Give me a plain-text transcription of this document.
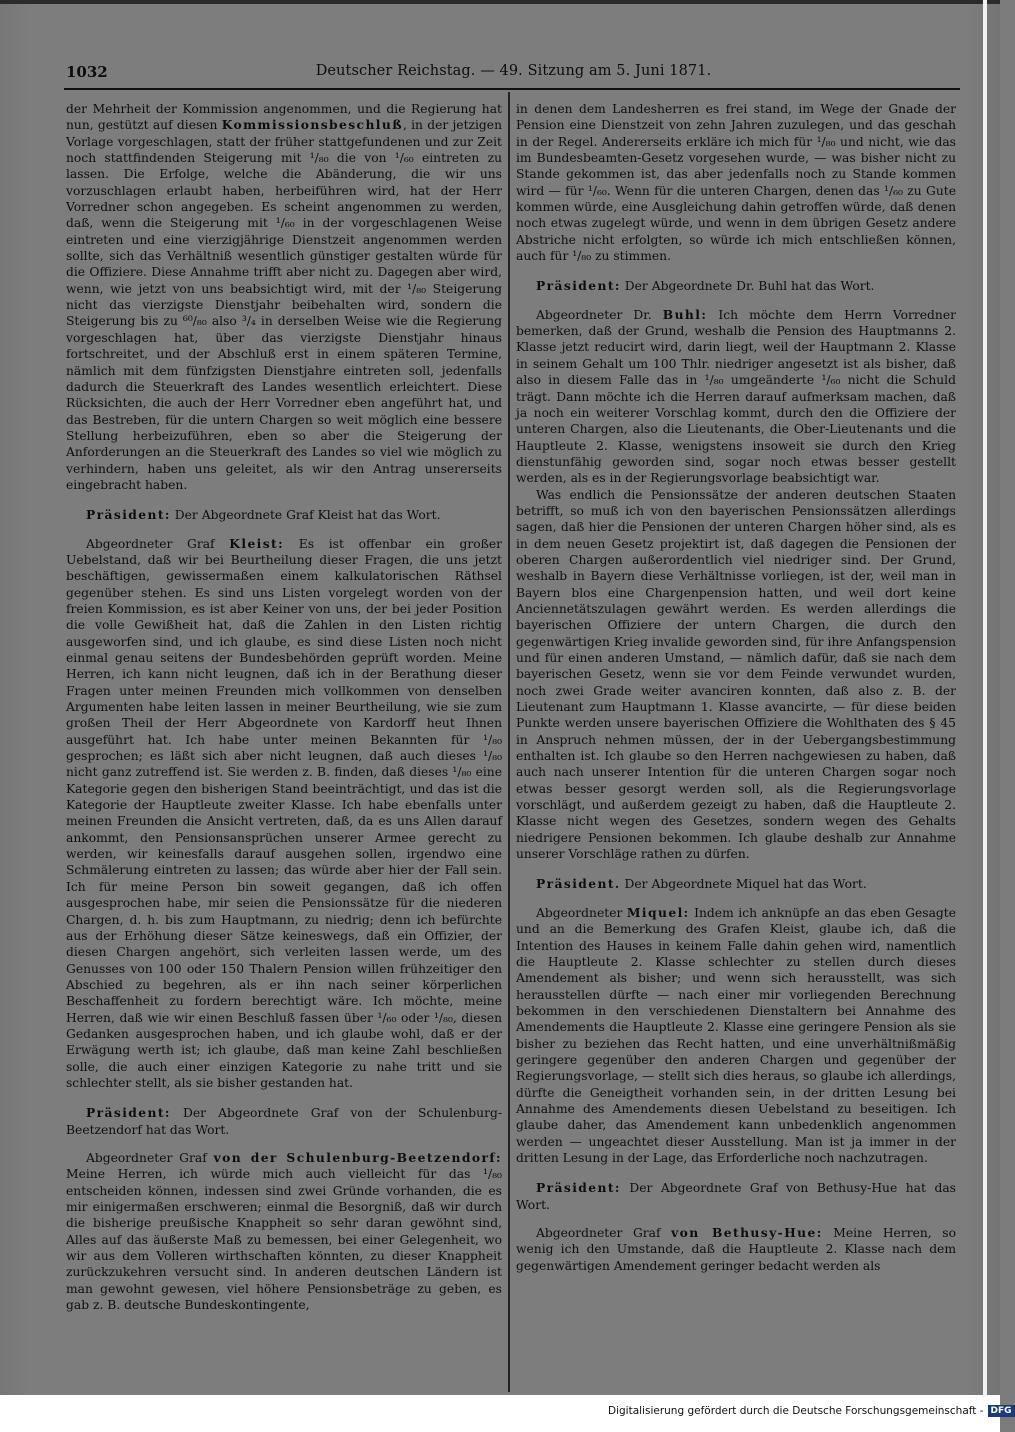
1032	Deutscher Reichstag. — 49. Sitzung am 5. Juni 1871.

der Mehrheit der Kommission angenommen, und die Regierung hat nun, gestützt auf diesen Kommissionsbeschluß, in der jetzigen Vorlage vorgeschlagen, statt der früher stattgefundenen und zur Zeit noch stattfindenden Steigerung mit ¹/₈₀ die von ¹/₆₀ eintreten zu lassen. Die Erfolge, welche die Abänderung, die wir uns vorzuschlagen erlaubt haben, herbeiführen wird, hat der Herr Vorredner schon angegeben. Es scheint angenommen zu werden, daß, wenn die Steigerung mit ¹/₆₀ in der vorgeschlagenen Weise eintreten und eine vierzigjährige Dienstzeit angenommen werden sollte, sich das Verhältniß wesentlich günstiger gestalten würde für die Offiziere. Diese Annahme trifft aber nicht zu. Dagegen aber wird, wenn, wie jetzt von uns beabsichtigt wird, mit der ¹/₈₀ Steigerung nicht das vierzigste Dienstjahr beibehalten wird, sondern die Steigerung bis zu ⁶⁰/₈₀ also ³/₄ in derselben Weise wie die Regierung vorgeschlagen hat, über das vierzigste Dienstjahr hinaus fortschreitet, und der Abschluß erst in einem späteren Termine, nämlich mit dem fünfzigsten Dienstjahre eintreten soll, jedenfalls dadurch die Steuerkraft des Landes wesentlich erleichtert. Diese Rücksichten, die auch der Herr Vorredner eben angeführt hat, und das Bestreben, für die untern Chargen so weit möglich eine bessere Stellung herbeizuführen, eben so aber die Steigerung der Anforderungen an die Steuerkraft des Landes so viel wie möglich zu verhindern, haben uns geleitet, als wir den Antrag unsererseits eingebracht haben.

Präsident: Der Abgeordnete Graf Kleist hat das Wort.

Abgeordneter Graf Kleist: Es ist offenbar ein großer Uebelstand, daß wir bei Beurtheilung dieser Fragen, die uns jetzt beschäftigen, gewissermaßen einem kalkulatorischen Räthsel gegenüber stehen. Es sind uns Listen vorgelegt worden von der freien Kommission, es ist aber Keiner von uns, der bei jeder Position die volle Gewißheit hat, daß die Zahlen in den Listen richtig ausgeworfen sind, und ich glaube, es sind diese Listen noch nicht einmal genau seitens der Bundesbehörden geprüft worden. Meine Herren, ich kann nicht leugnen, daß ich in der Berathung dieser Fragen unter meinen Freunden mich vollkommen von denselben Argumenten habe leiten lassen in meiner Beurtheilung, wie sie zum großen Theil der Herr Abgeordnete von Kardorff heut Ihnen ausgeführt hat. Ich habe unter meinen Bekannten für ¹/₈₀ gesprochen; es läßt sich aber nicht leugnen, daß auch dieses ¹/₈₀ nicht ganz zutreffend ist. Sie werden z. B. finden, daß dieses ¹/₈₀ eine Kategorie gegen den bisherigen Stand beeinträchtigt, und das ist die Kategorie der Hauptleute zweiter Klasse. Ich habe ebenfalls unter meinen Freunden die Ansicht vertreten, daß, da es uns Allen darauf ankommt, den Pensionsansprüchen unserer Armee gerecht zu werden, wir keinesfalls darauf ausgehen sollen, irgendwo eine Schmälerung eintreten zu lassen; das würde aber hier der Fall sein. Ich für meine Person bin soweit gegangen, daß ich offen ausgesprochen habe, mir seien die Pensionssätze für die niederen Chargen, d. h. bis zum Hauptmann, zu niedrig; denn ich befürchte aus der Erhöhung dieser Sätze keineswegs, daß ein Offizier, der diesen Chargen angehört, sich verleiten lassen werde, um des Genusses von 100 oder 150 Thalern Pension willen frühzeitiger den Abschied zu begehren, als er ihn nach seiner körperlichen Beschaffenheit zu fordern berechtigt wäre. Ich möchte, meine Herren, daß wie wir einen Beschluß fassen über ¹/₆₀ oder ¹/₈₀, diesen Gedanken ausgesprochen haben, und ich glaube wohl, daß er der Erwägung werth ist; ich glaube, daß man keine Zahl beschließen solle, die auch einer einzigen Kategorie zu nahe tritt und sie schlechter stellt, als sie bisher gestanden hat.

Präsident: Der Abgeordnete Graf von der Schulenburg-Beetzendorf hat das Wort.

Abgeordneter Graf von der Schulenburg-Beetzendorf: Meine Herren, ich würde mich auch vielleicht für das ¹/₈₀ entscheiden können, indessen sind zwei Gründe vorhanden, die es mir einigermaßen erschweren; einmal die Besorgniß, daß wir durch die bisherige preußische Knappheit so sehr daran gewöhnt sind, Alles auf das äußerste Maß zu bemessen, bei einer Gelegenheit, wo wir aus dem Volleren wirthschaften könnten, zu dieser Knappheit zurückzukehren versucht sind. In anderen deutschen Ländern ist man gewohnt gewesen, viel höhere Pensionsbeträge zu geben, es gab z. B. deutsche Bundeskontingente,

in denen dem Landesherren es frei stand, im Wege der Gnade der Pension eine Dienstzeit von zehn Jahren zuzulegen, und das geschah in der Regel. Andererseits erkläre ich mich für ¹/₈₀ und nicht, wie das im Bundesbeamten-Gesetz vorgesehen wurde, — was bisher nicht zu Stande gekommen ist, das aber jedenfalls noch zu Stande kommen wird — für ¹/₆₀. Wenn für die unteren Chargen, denen das ¹/₆₀ zu Gute kommen würde, eine Ausgleichung dahin getroffen würde, daß denen noch etwas zugelegt würde, und wenn in dem übrigen Gesetz andere Abstriche nicht erfolgten, so würde ich mich entschließen können, auch für ¹/₈₀ zu stimmen.

Präsident: Der Abgeordnete Dr. Buhl hat das Wort.

Abgeordneter Dr. Buhl: Ich möchte dem Herrn Vorredner bemerken, daß der Grund, weshalb die Pension des Hauptmanns 2. Klasse jetzt reducirt wird, darin liegt, weil der Hauptmann 2. Klasse in seinem Gehalt um 100 Thlr. niedriger angesetzt ist als bisher, daß also in diesem Falle das in ¹/₈₀ umgeänderte ¹/₆₀ nicht die Schuld trägt. Dann möchte ich die Herren darauf aufmerksam machen, daß ja noch ein weiterer Vorschlag kommt, durch den die Offiziere der unteren Chargen, also die Lieutenants, die Ober-Lieutenants und die Hauptleute 2. Klasse, wenigstens insoweit sie durch den Krieg dienstunfähig geworden sind, sogar noch etwas besser gestellt werden, als es in der Regierungsvorlage beabsichtigt war.

Was endlich die Pensionssätze der anderen deutschen Staaten betrifft, so muß ich von den bayerischen Pensionssätzen allerdings sagen, daß hier die Pensionen der unteren Chargen höher sind, als es in dem neuen Gesetz projektirt ist, daß dagegen die Pensionen der oberen Chargen außerordentlich viel niedriger sind. Der Grund, weshalb in Bayern diese Verhältnisse vorliegen, ist der, weil man in Bayern blos eine Chargenpension hatten, und weil dort keine Anciennetätszulagen gewährt werden. Es werden allerdings die bayerischen Offiziere der untern Chargen, die durch den gegenwärtigen Krieg invalide geworden sind, für ihre Anfangspension und für einen anderen Umstand, — nämlich dafür, daß sie nach dem bayerischen Gesetz, wenn sie vor dem Feinde verwundet wurden, noch zwei Grade weiter avanciren konnten, daß also z. B. der Lieutenant zum Hauptmann 1. Klasse avancirte, — für diese beiden Punkte werden unsere bayerischen Offiziere die Wohlthaten des § 45 in Anspruch nehmen müssen, der in der Uebergangsbestimmung enthalten ist. Ich glaube so den Herren nachgewiesen zu haben, daß auch nach unserer Intention für die unteren Chargen sogar noch etwas besser gesorgt werden soll, als die Regierungsvorlage vorschlägt, und außerdem gezeigt zu haben, daß die Hauptleute 2. Klasse nicht wegen des Gesetzes, sondern wegen des Gehalts niedrigere Pensionen bekommen. Ich glaube deshalb zur Annahme unserer Vorschläge rathen zu dürfen.

Präsident. Der Abgeordnete Miquel hat das Wort.

Abgeordneter Miquel: Indem ich anknüpfe an das eben Gesagte und an die Bemerkung des Grafen Kleist, glaube ich, daß die Intention des Hauses in keinem Falle dahin gehen wird, namentlich die Hauptleute 2. Klasse schlechter zu stellen durch dieses Amendement als bisher; und wenn sich herausstellt, was sich herausstellen dürfte — nach einer mir vorliegenden Berechnung bekommen in den verschiedenen Dienstaltern bei Annahme des Amendements die Hauptleute 2. Klasse eine geringere Pension als sie bisher zu beziehen das Recht hatten, und eine unverhältnißmäßig geringere gegenüber den anderen Chargen und gegenüber der Regierungsvorlage, — stellt sich dies heraus, so glaube ich allerdings, dürfte die Geneigtheit vorhanden sein, in der dritten Lesung bei Annahme des Amendements diesen Uebelstand zu beseitigen. Ich glaube daher, das Amendement kann unbedenklich angenommen werden — ungeachtet dieser Ausstellung. Man ist ja immer in der dritten Lesung in der Lage, das Erforderliche noch nachzutragen.

Präsident: Der Abgeordnete Graf von Bethusy-Hue hat das Wort.

Abgeordneter Graf von Bethusy-Hue: Meine Herren, so wenig ich den Umstande, daß die Hauptleute 2. Klasse nach dem gegenwärtigen Amendement geringer bedacht werden als

Digitalisierung gefördert durch die Deutsche Forschungsgemeinschaft - DFG
